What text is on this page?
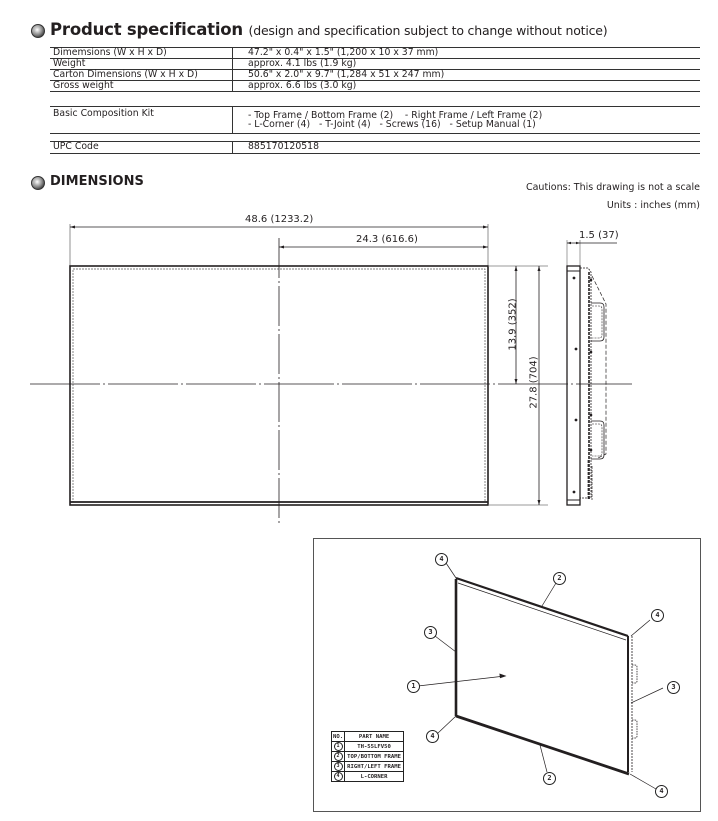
Product specification (design and specification subject to change without notice)
Dimemsions (W x H x D)	47.2" x 0.4" x 1.5" (1,200 x 10 x 37 mm)
Weight	approx. 4.1 lbs (1.9 kg)
Carton Dimensions (W x H x D)	50.6" x 2.0" x 9.7" (1,284 x 51 x 247 mm)
Gross weight	approx. 6.6 lbs (3.0 kg)
Basic Composition Kit	- Top Frame / Bottom Frame (2)    - Right Frame / Left Frame (2)
- L-Corner (4)   - T-Joint (4)   - Screws (16)   - Setup Manual (1)
UPC Code	885170120518
DIMENSIONS	Cautions: This drawing is not a scale
Units : inches (mm)
48.6 (1233.2)
24.3 (616.6)	1.5 (37)
13.9 (352)
27.8 (704)
4
2
4
3
1	3
4
2
4
NO.	PART NAME
1	TH-55LFV50
2	TOP/BOTTOM FRAME
3	RIGHT/LEFT FRAME
4	L-CORNER
